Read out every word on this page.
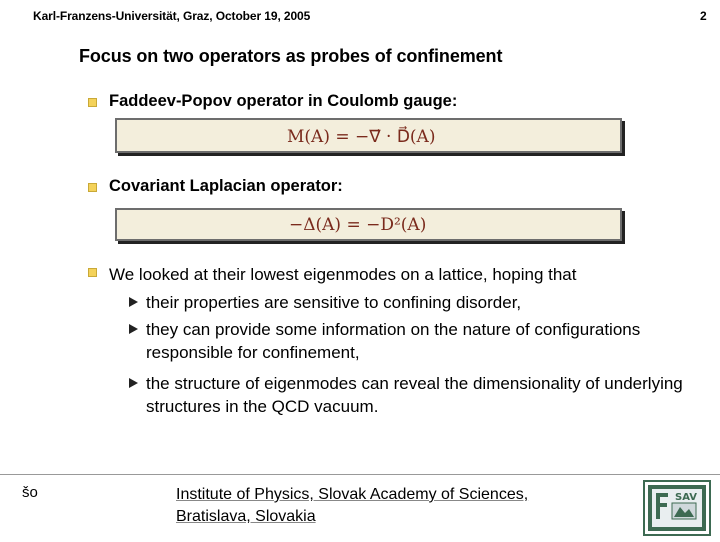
Karl-Franzens-Universität, Graz, October 19, 2005	2
Focus on two operators as probes of confinement
Faddeev-Popov operator in Coulomb gauge:
M(A) = −∇⃗ · D⃗(A)
Covariant Laplacian operator:
−Δ(A) = −D²(A)
We looked at their lowest eigenmodes on a lattice, hoping that
their properties are sensitive to confining disorder,
they can provide some information on the nature of configurations responsible for confinement,
the structure of eigenmodes can reveal the dimensionality of underlying structures in the QCD vacuum.
šo	Institute of Physics, Slovak Academy of Sciences,
Bratislava, Slovakia
SAV
